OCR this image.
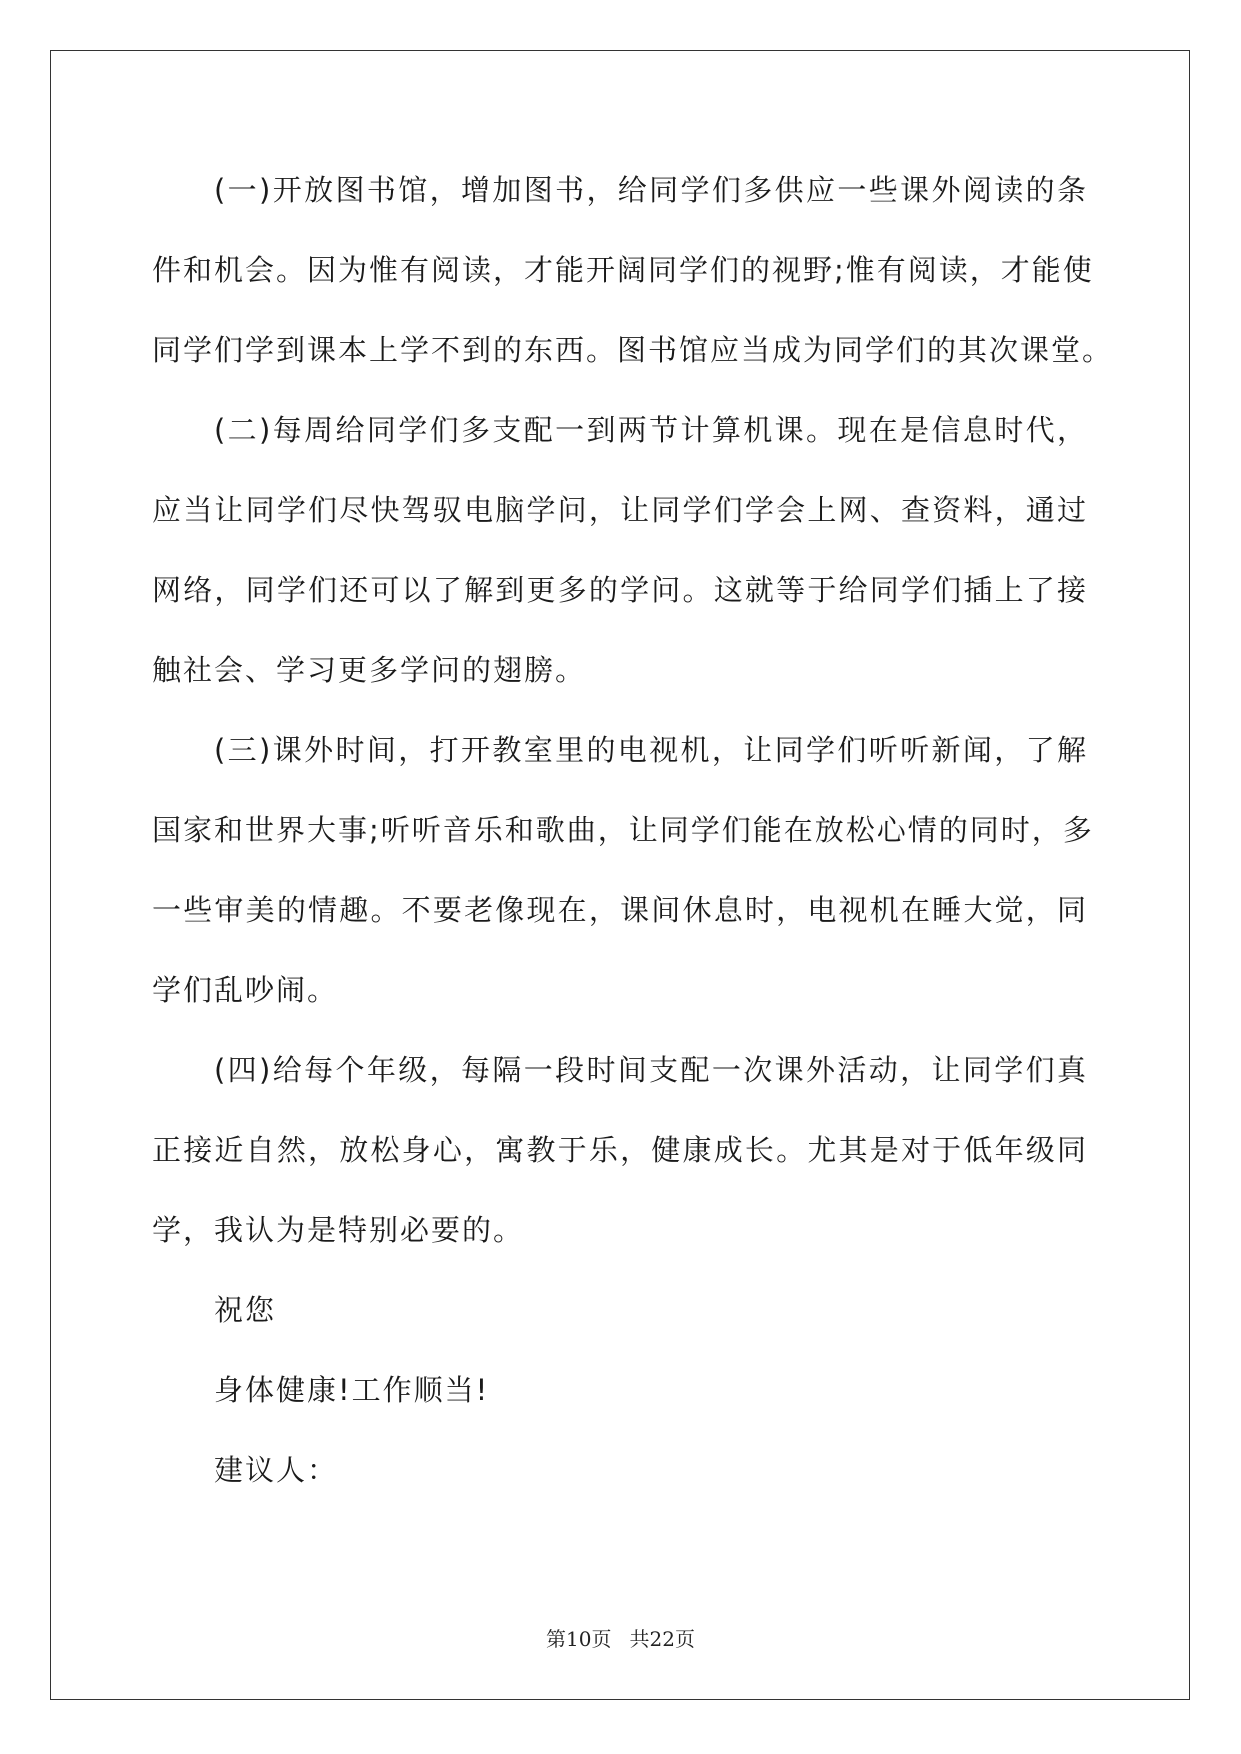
(一)开放图书馆，增加图书，给同学们多供应一些课外阅读的条
件和机会。因为惟有阅读，才能开阔同学们的视野;惟有阅读，才能使
同学们学到课本上学不到的东西。图书馆应当成为同学们的其次课堂。
(二)每周给同学们多支配一到两节计算机课。现在是信息时代，
应当让同学们尽快驾驭电脑学问，让同学们学会上网、查资料，通过
网络，同学们还可以了解到更多的学问。这就等于给同学们插上了接
触社会、学习更多学问的翅膀。
(三)课外时间，打开教室里的电视机，让同学们听听新闻，了解
国家和世界大事;听听音乐和歌曲，让同学们能在放松心情的同时，多
一些审美的情趣。不要老像现在，课间休息时，电视机在睡大觉，同
学们乱吵闹。
(四)给每个年级，每隔一段时间支配一次课外活动，让同学们真
正接近自然，放松身心，寓教于乐，健康成长。尤其是对于低年级同
学，我认为是特别必要的。
祝您
身体健康!工作顺当!
建议人：
第10页 共22页
